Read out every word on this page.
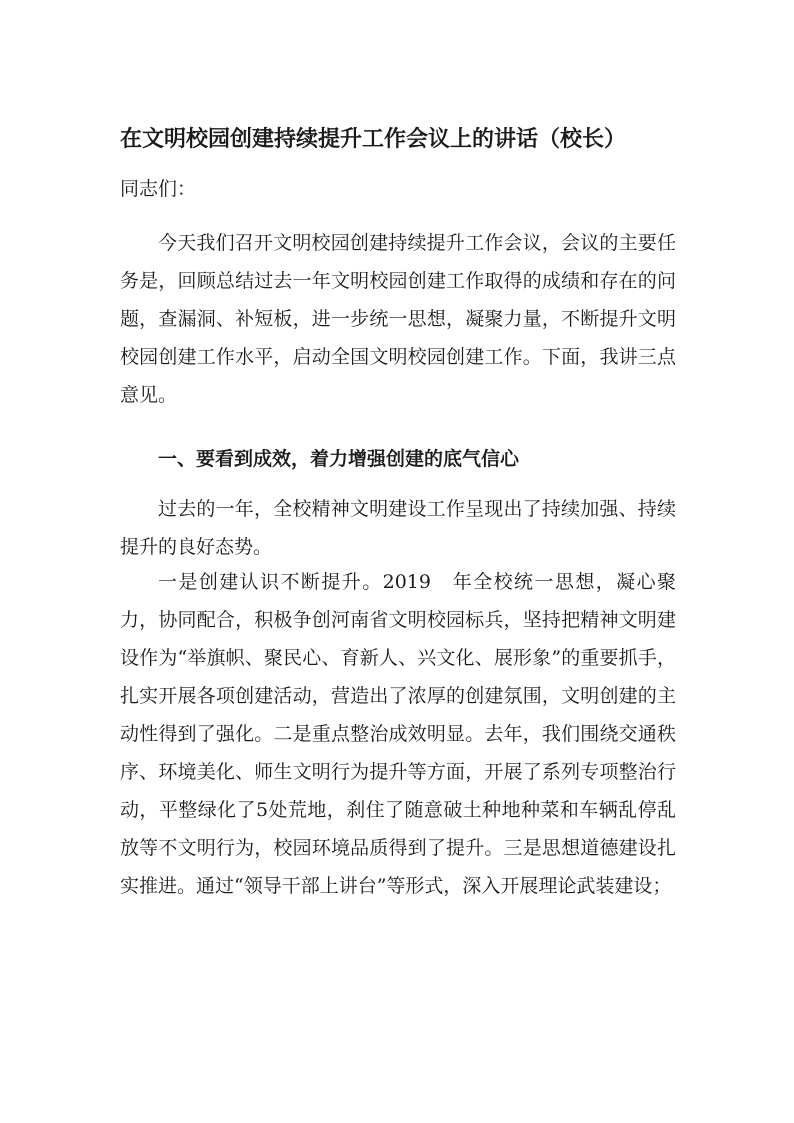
在文明校园创建持续提升工作会议上的讲话（校长）
同志们：
今天我们召开文明校园创建持续提升工作会议，会议的主要任务是，回顾总结过去一年文明校园创建工作取得的成绩和存在的问题，查漏洞、补短板，进一步统一思想，凝聚力量，不断提升文明校园创建工作水平，启动全国文明校园创建工作。下面，我讲三点意见。
一、要看到成效，着力增强创建的底气信心
过去的一年，全校精神文明建设工作呈现出了持续加强、持续提升的良好态势。
一是创建认识不断提升。2019　年全校统一思想，凝心聚力，协同配合，积极争创河南省文明校园标兵，坚持把精神文明建设作为“举旗帜、聚民心、育新人、兴文化、展形象”的重要抓手，扎实开展各项创建活动，营造出了浓厚的创建氛围，文明创建的主动性得到了强化。二是重点整治成效明显。去年，我们围绕交通秩序、环境美化、师生文明行为提升等方面，开展了系列专项整治行动，平整绿化了5处荒地，刹住了随意破土种地种菜和车辆乱停乱放等不文明行为，校园环境品质得到了提升。三是思想道德建设扎实推进。通过“领导干部上讲台”等形式，深入开展理论武装建设；
